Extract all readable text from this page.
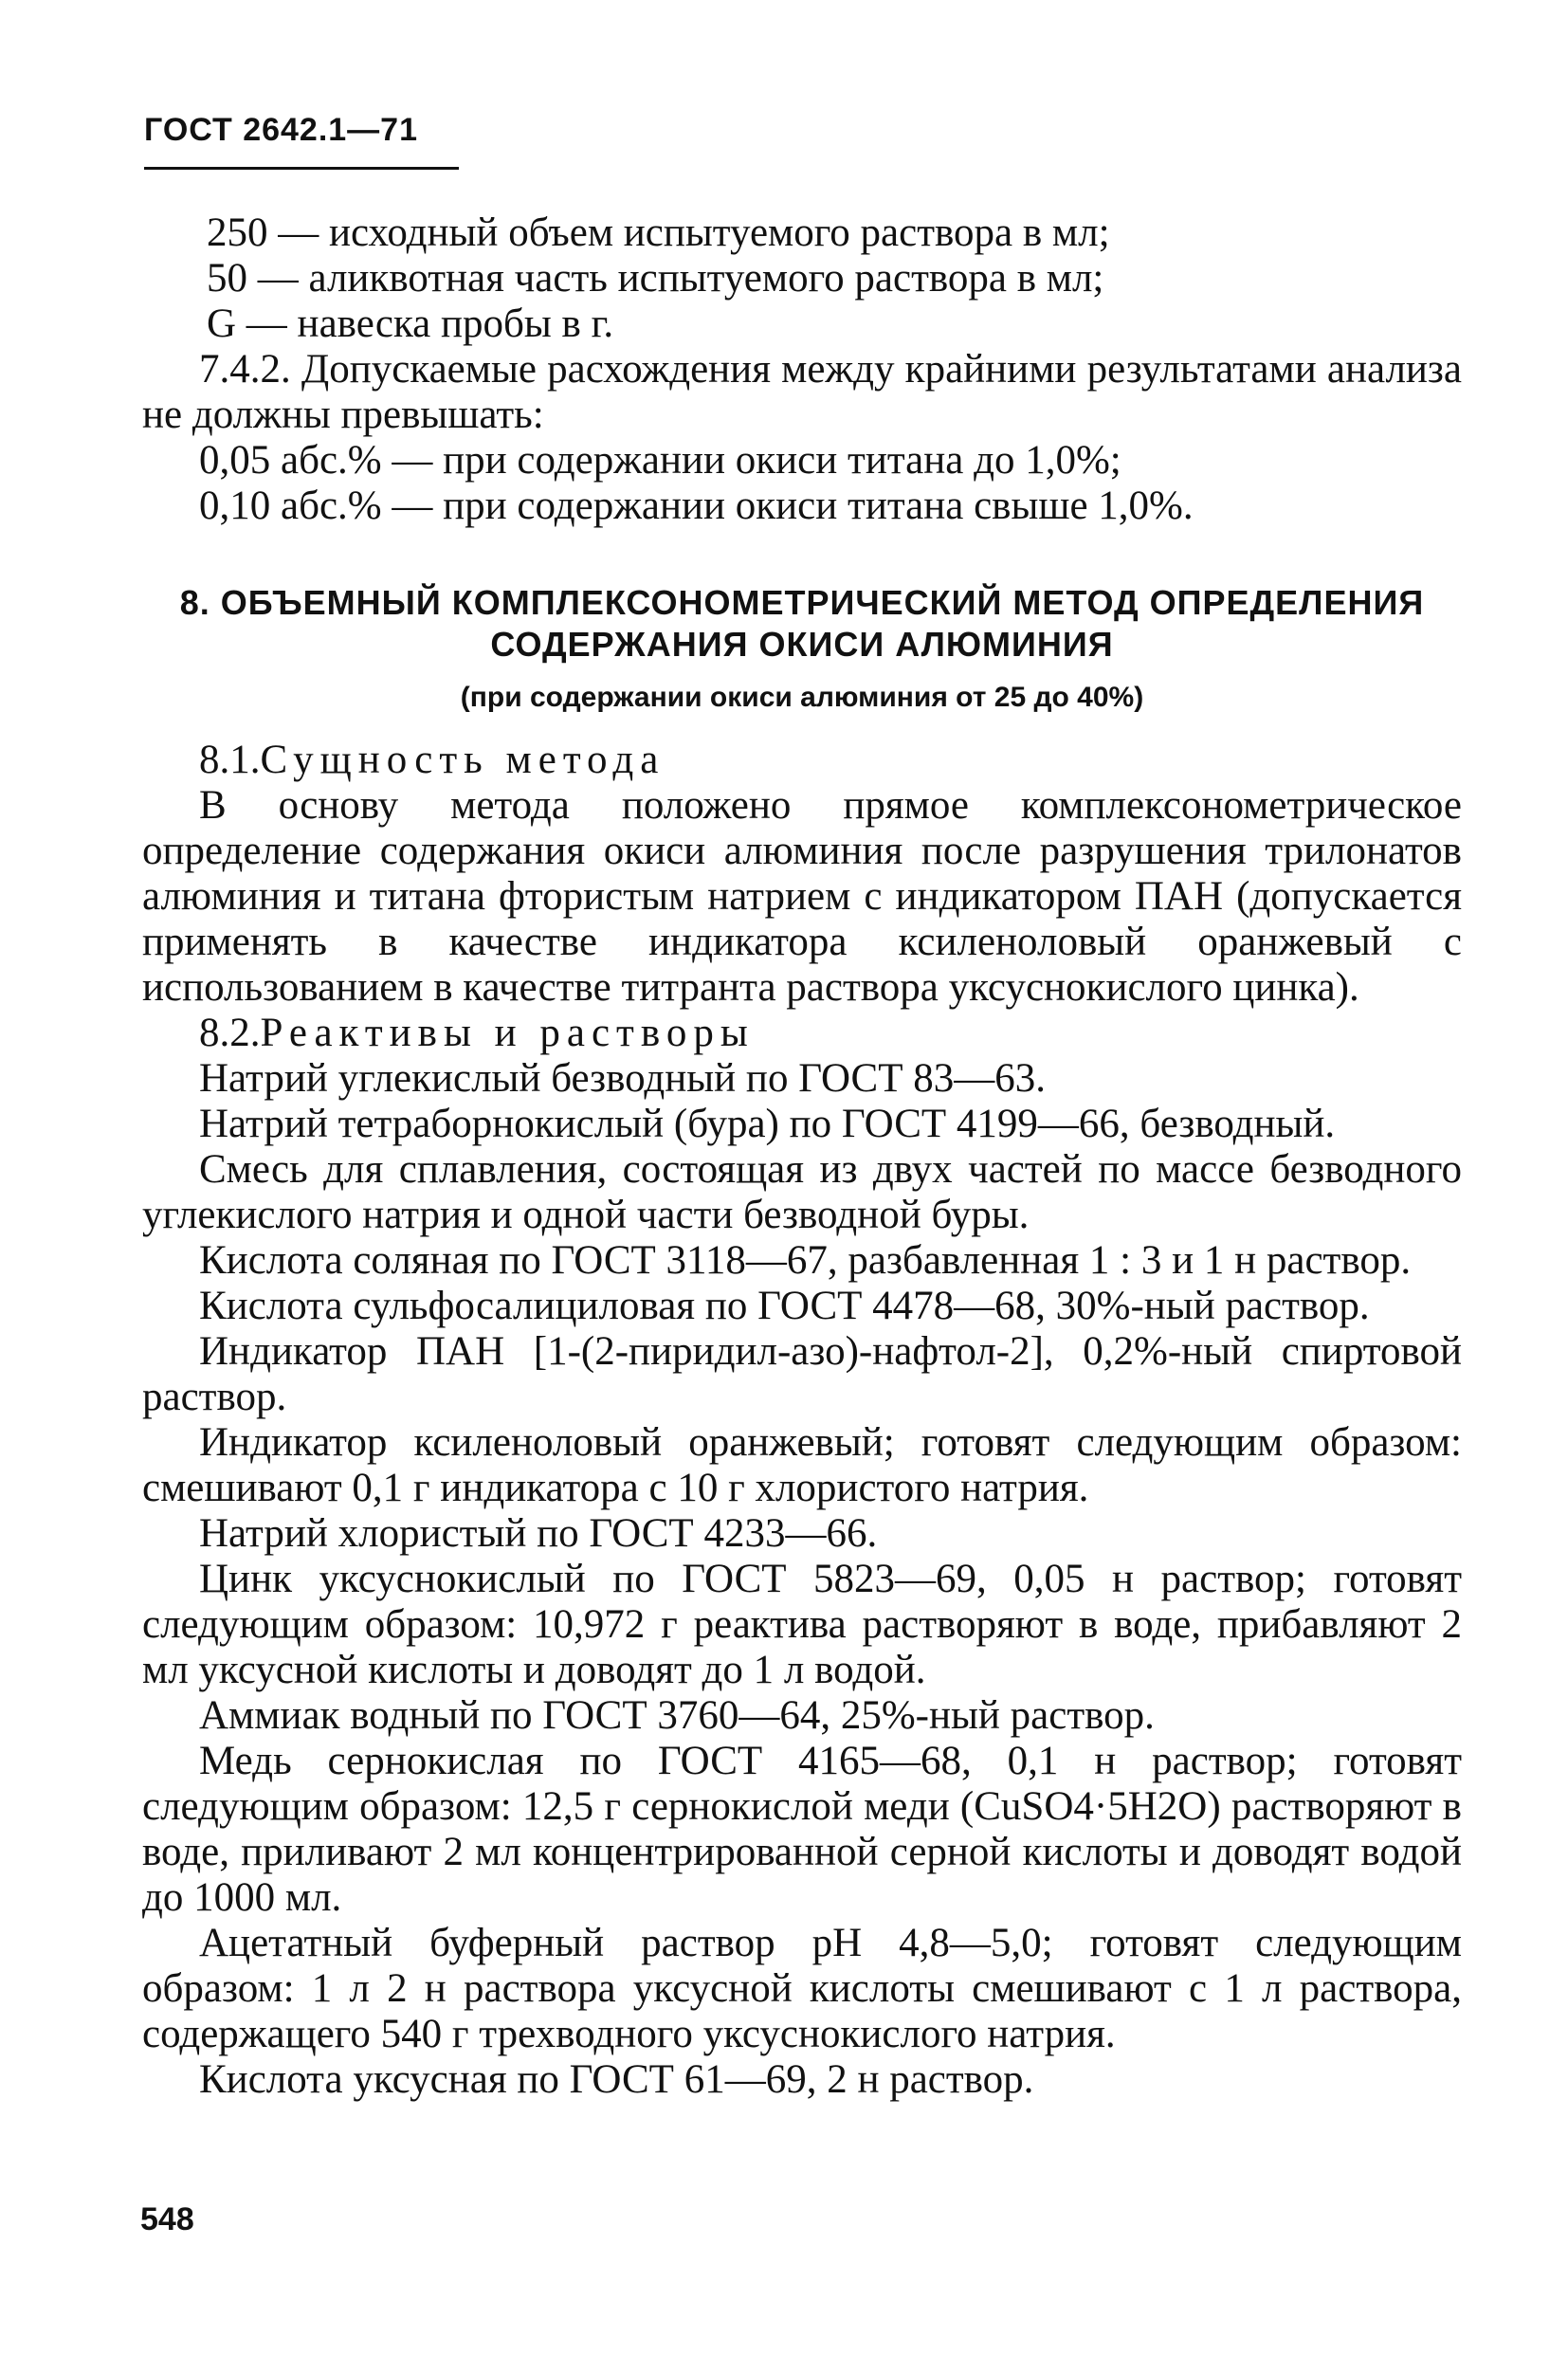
ГОСТ 2642.1—71

250 — исходный объем испытуемого раствора в мл;

50 — аликвотная часть испытуемого раствора в мл;

G — навеска пробы в г.

7.4.2. Допускаемые расхождения между крайними результатами анализа не должны превышать:

0,05 абс.% — при содержании окиси титана до 1,0%;

0,10 абс.% — при содержании окиси титана свыше 1,0%.

8. ОБЪЕМНЫЙ КОМПЛЕКСОНОМЕТРИЧЕСКИЙ МЕТОД ОПРЕДЕЛЕНИЯ
СОДЕРЖАНИЯ ОКИСИ АЛЮМИНИЯ
(при содержании окиси алюминия от 25 до 40%)

8.1.Сущность метода

В основу метода положено прямое комплексонометрическое определение содержания окиси алюминия после разрушения трилонатов алюминия и титана фтористым натрием с индикатором ПАН (допускается применять в качестве индикатора ксиленоловый оранжевый с использованием в качестве титранта раствора уксуснокислого цинка).

8.2.Реактивы и растворы

Натрий углекислый безводный по ГОСТ 83—63.

Натрий тетраборнокислый (бура) по ГОСТ 4199—66, безводный.

Смесь для сплавления, состоящая из двух частей по массе безводного углекислого натрия и одной части безводной буры.

Кислота соляная по ГОСТ 3118—67, разбавленная 1 : 3 и 1 н раствор.

Кислота сульфосалициловая по ГОСТ 4478—68, 30%-ный раствор.

Индикатор ПАН [1-(2-пиридил-азо)-нафтол-2], 0,2%-ный спиртовой раствор.

Индикатор ксиленоловый оранжевый; готовят следующим образом: смешивают 0,1 г индикатора с 10 г хлористого натрия.

Натрий хлористый по ГОСТ 4233—66.

Цинк уксуснокислый по ГОСТ 5823—69, 0,05 н раствор; готовят следующим образом: 10,972 г реактива растворяют в воде, прибавляют 2 мл уксусной кислоты и доводят до 1 л водой.

Аммиак водный по ГОСТ 3760—64, 25%-ный раствор.

Медь сернокислая по ГОСТ 4165—68, 0,1 н раствор; готовят следующим образом: 12,5 г сернокислой меди (CuSO4·5H2O) растворяют в воде, приливают 2 мл концентрированной серной кислоты и доводят водой до 1000 мл.

Ацетатный буферный раствор pH 4,8—5,0; готовят следующим образом: 1 л 2 н раствора уксусной кислоты смешивают с 1 л раствора, содержащего 540 г трехводного уксуснокислого натрия.

Кислота уксусная по ГОСТ 61—69, 2 н раствор.

548
